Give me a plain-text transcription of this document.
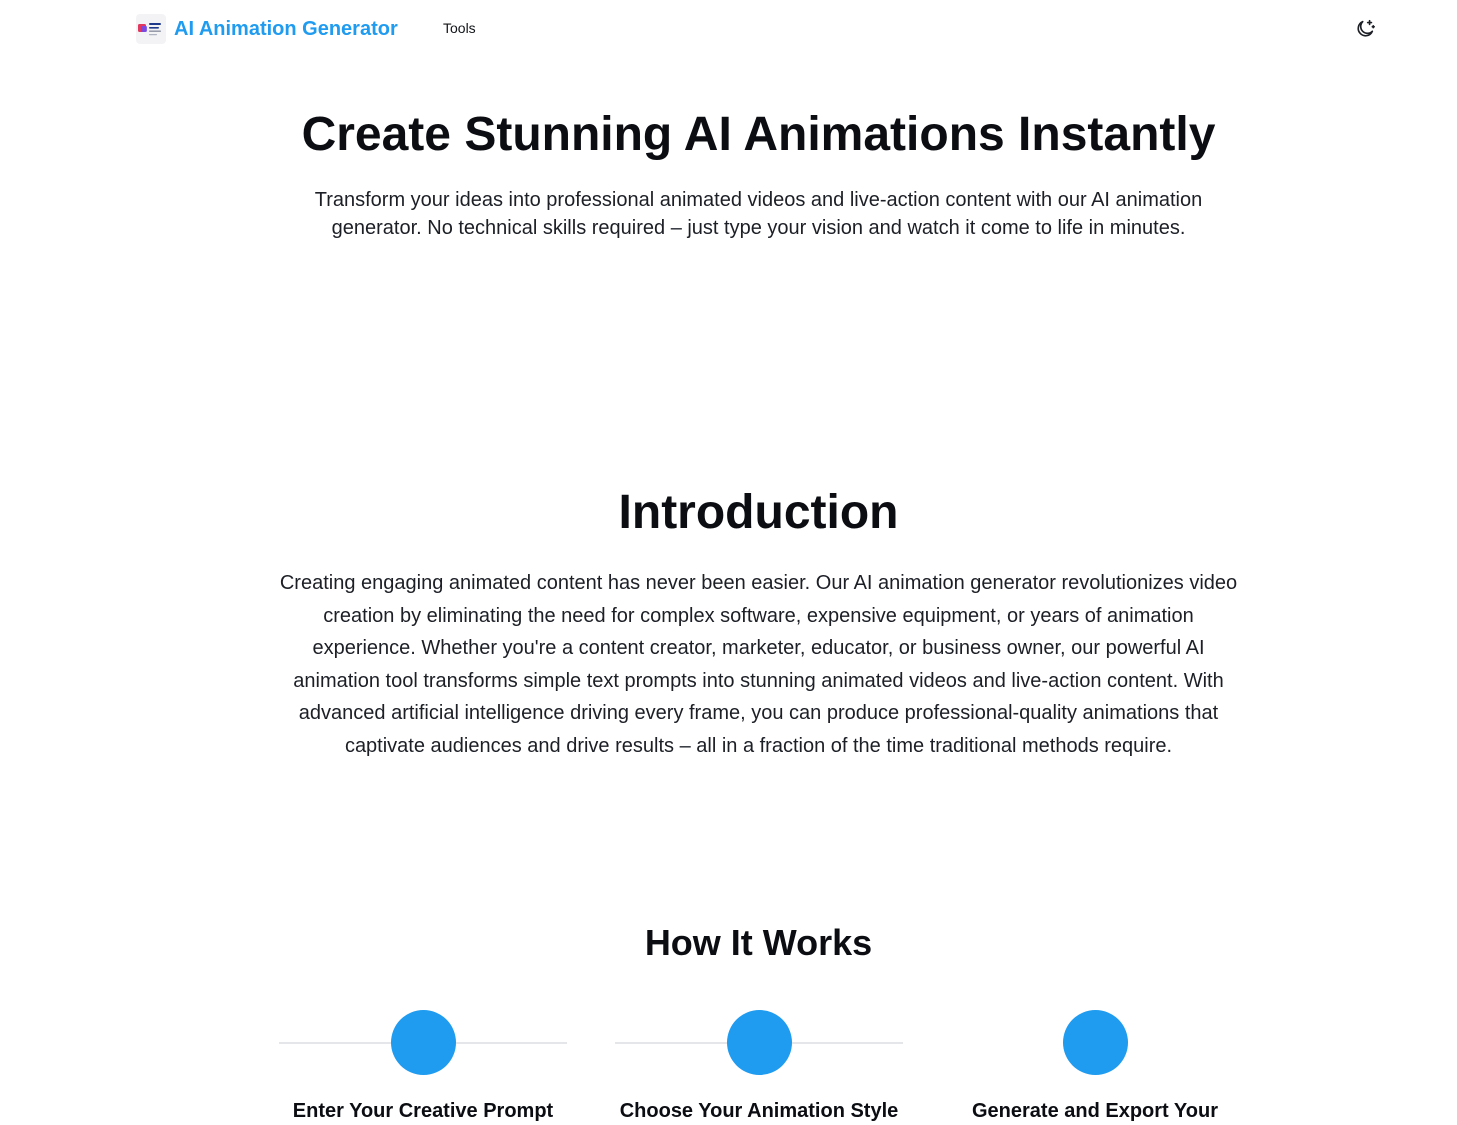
AI Animation Generator	Tools
Create Stunning AI Animations Instantly

Transform your ideas into professional animated videos and live-action content with our AI animation generator. No technical skills required – just type your vision and watch it come to life in minutes.

Introduction

Creating engaging animated content has never been easier. Our AI animation generator revolutionizes video creation by eliminating the need for complex software, expensive equipment, or years of animation experience. Whether you're a content creator, marketer, educator, or business owner, our powerful AI animation tool transforms simple text prompts into stunning animated videos and live-action content. With advanced artificial intelligence driving every frame, you can produce professional-quality animations that captivate audiences and drive results – all in a fraction of the time traditional methods require.

How It Works
Enter Your Creative Prompt	Choose Your Animation Style	Generate and Export Your
